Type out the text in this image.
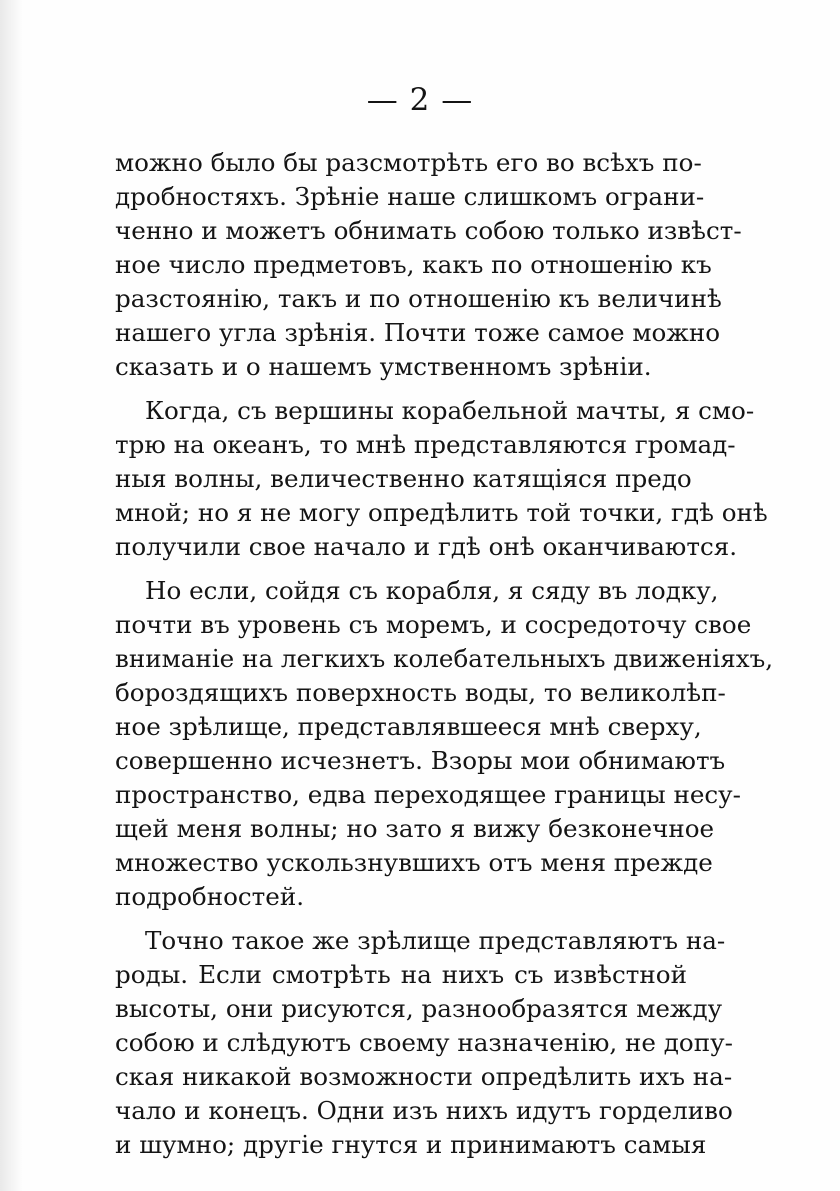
— 2 —
можно было бы разсмотрѣть его во всѣхъ по-
дробностяхъ. Зрѣніе наше слишкомъ ограни-
ченно и можетъ обнимать собою только извѣст-
ное число предметовъ, какъ по отношенію къ
разстоянію, такъ и по отношенію къ величинѣ
нашего угла зрѣнія. Почти тоже самое можно
сказать и о нашемъ умственномъ зрѣніи.
Когда, съ вершины корабельной мачты, я смо-
трю на океанъ, то мнѣ представляются громад-
ныя волны, величественно катящіяся предо
мной; но я не могу опредѣлить той точки, гдѣ онѣ
получили свое начало и гдѣ онѣ оканчиваются.
Но если, сойдя съ корабля, я сяду въ лодку,
почти въ уровень съ моремъ, и сосредоточу свое
вниманіе на легкихъ колебательныхъ движеніяхъ,
бороздящихъ поверхность воды, то великолѣп-
ное зрѣлище, представлявшееся мнѣ сверху,
совершенно исчезнетъ. Взоры мои обнимаютъ
пространство, едва переходящее границы несу-
щей меня волны; но зато я вижу безконечное
множество ускользнувшихъ отъ меня прежде
подробностей.
Точно такое же зрѣлище представляютъ на-
роды. Если смотрѣть на нихъ съ извѣстной
высоты, они рисуются, разнообразятся между
собою и слѣдуютъ своему назначенію, не допу-
ская никакой возможности опредѣлить ихъ на-
чало и конецъ. Одни изъ нихъ идутъ горделиво
и шумно; другіе гнутся и принимаютъ самыя
